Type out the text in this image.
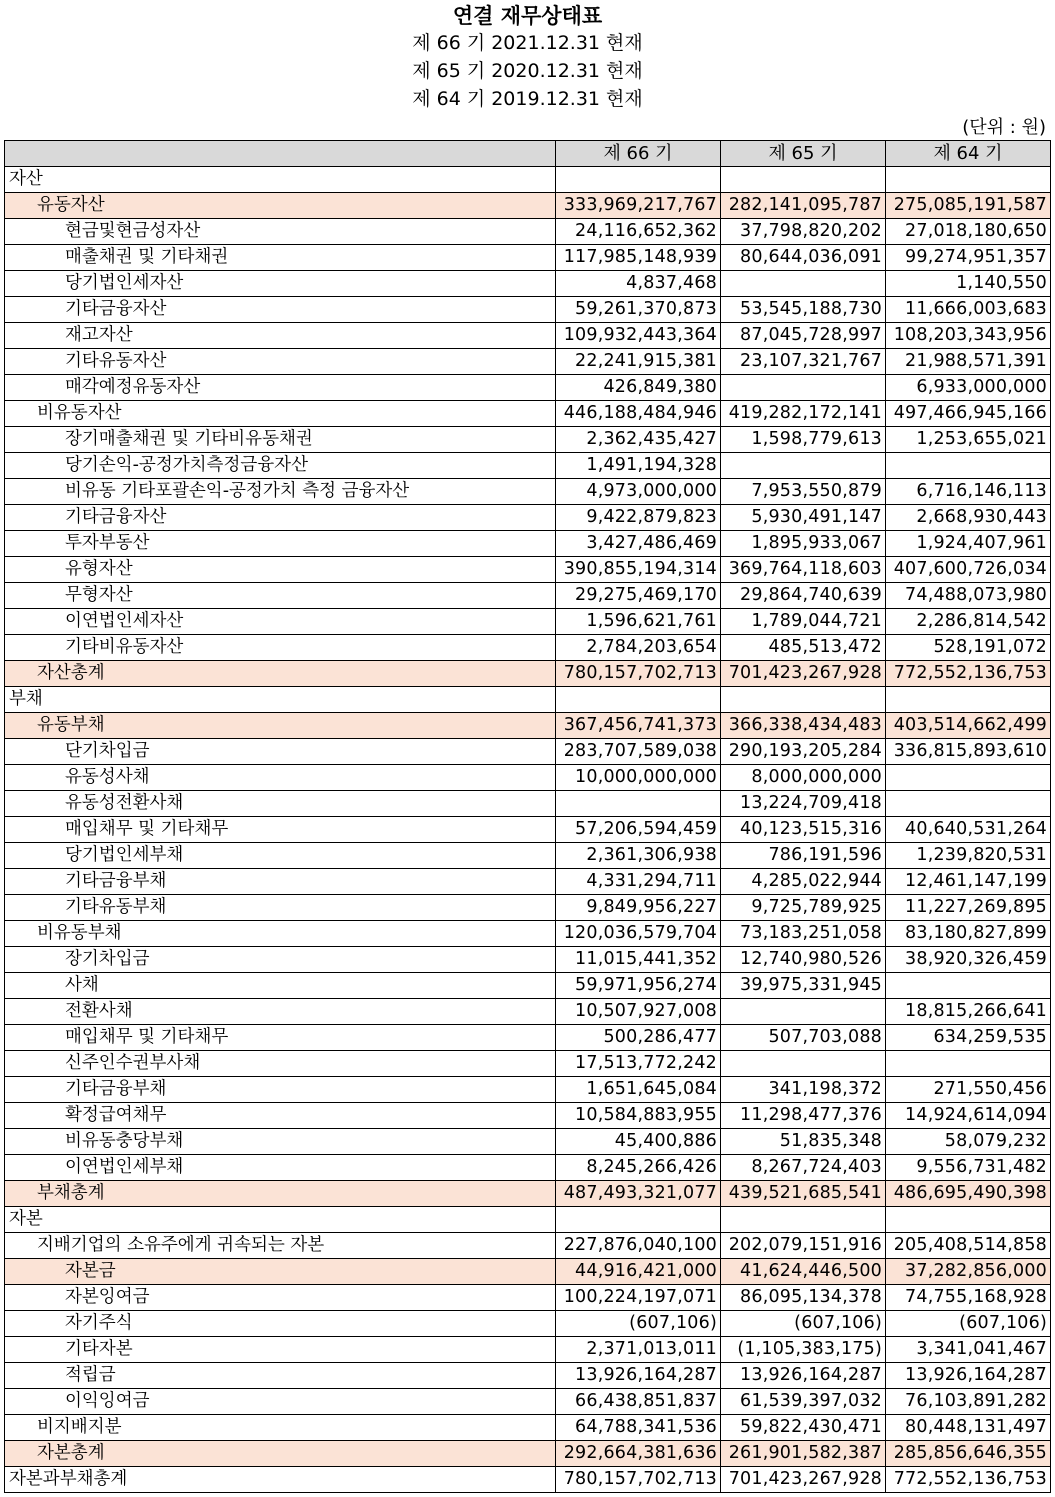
연결 재무상태표
제 66 기 2021.12.31 현재
제 65 기 2020.12.31 현재
제 64 기 2019.12.31 현재
(단위 : 원)
	제 66 기	제 65 기	제 64 기
자산			
유동자산	333,969,217,767	282,141,095,787	275,085,191,587
현금및현금성자산	24,116,652,362	37,798,820,202	27,018,180,650
매출채권 및 기타채권	117,985,148,939	80,644,036,091	99,274,951,357
당기법인세자산	4,837,468		1,140,550
기타금융자산	59,261,370,873	53,545,188,730	11,666,003,683
재고자산	109,932,443,364	87,045,728,997	108,203,343,956
기타유동자산	22,241,915,381	23,107,321,767	21,988,571,391
매각예정유동자산	426,849,380		6,933,000,000
비유동자산	446,188,484,946	419,282,172,141	497,466,945,166
장기매출채권 및 기타비유동채권	2,362,435,427	1,598,779,613	1,253,655,021
당기손익-공정가치측정금융자산	1,491,194,328		
비유동 기타포괄손익-공정가치 측정 금융자산	4,973,000,000	7,953,550,879	6,716,146,113
기타금융자산	9,422,879,823	5,930,491,147	2,668,930,443
투자부동산	3,427,486,469	1,895,933,067	1,924,407,961
유형자산	390,855,194,314	369,764,118,603	407,600,726,034
무형자산	29,275,469,170	29,864,740,639	74,488,073,980
이연법인세자산	1,596,621,761	1,789,044,721	2,286,814,542
기타비유동자산	2,784,203,654	485,513,472	528,191,072
자산총계	780,157,702,713	701,423,267,928	772,552,136,753
부채			
유동부채	367,456,741,373	366,338,434,483	403,514,662,499
단기차입금	283,707,589,038	290,193,205,284	336,815,893,610
유동성사채	10,000,000,000	8,000,000,000	
유동성전환사채		13,224,709,418	
매입채무 및 기타채무	57,206,594,459	40,123,515,316	40,640,531,264
당기법인세부채	2,361,306,938	786,191,596	1,239,820,531
기타금융부채	4,331,294,711	4,285,022,944	12,461,147,199
기타유동부채	9,849,956,227	9,725,789,925	11,227,269,895
비유동부채	120,036,579,704	73,183,251,058	83,180,827,899
장기차입금	11,015,441,352	12,740,980,526	38,920,326,459
사채	59,971,956,274	39,975,331,945	
전환사채	10,507,927,008		18,815,266,641
매입채무 및 기타채무	500,286,477	507,703,088	634,259,535
신주인수권부사채	17,513,772,242		
기타금융부채	1,651,645,084	341,198,372	271,550,456
확정급여채무	10,584,883,955	11,298,477,376	14,924,614,094
비유동충당부채	45,400,886	51,835,348	58,079,232
이연법인세부채	8,245,266,426	8,267,724,403	9,556,731,482
부채총계	487,493,321,077	439,521,685,541	486,695,490,398
자본			
지배기업의 소유주에게 귀속되는 자본	227,876,040,100	202,079,151,916	205,408,514,858
자본금	44,916,421,000	41,624,446,500	37,282,856,000
자본잉여금	100,224,197,071	86,095,134,378	74,755,168,928
자기주식	(607,106)	(607,106)	(607,106)
기타자본	2,371,013,011	(1,105,383,175)	3,341,041,467
적립금	13,926,164,287	13,926,164,287	13,926,164,287
이익잉여금	66,438,851,837	61,539,397,032	76,103,891,282
비지배지분	64,788,341,536	59,822,430,471	80,448,131,497
자본총계	292,664,381,636	261,901,582,387	285,856,646,355
자본과부채총계	780,157,702,713	701,423,267,928	772,552,136,753
